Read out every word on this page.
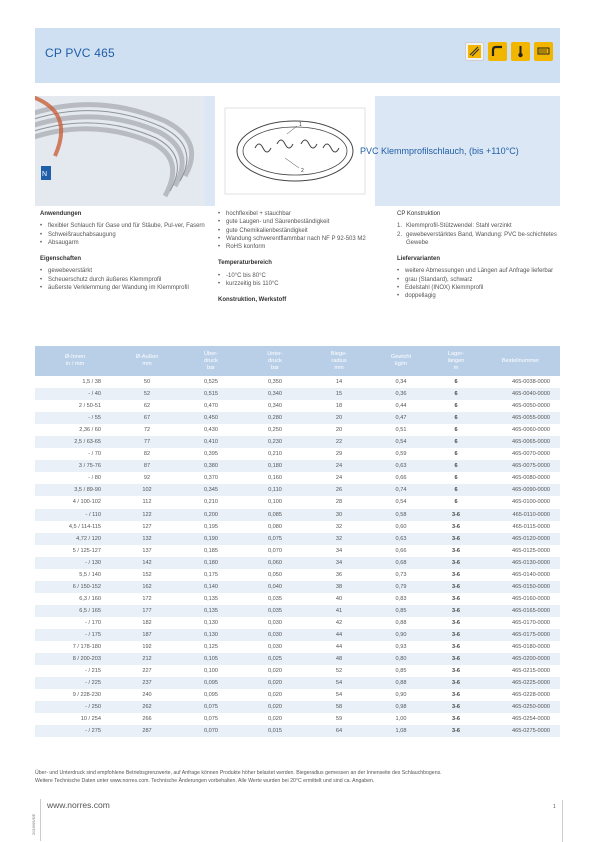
CP PVC 465
N
1
2
PVC Klemmprofilschlauch, (bis +110°C)
Anwendungen
• flexibler Schlauch für Gase und für Stäube, Pul-ver, Fasern
• Schweißrauchabsaugung
• Absaugarm
Eigenschaften
• gewebeverstärkt
• Scheuerschutz durch äußeres Klemmprofil
• äußerste Verklemmung der Wandung im Klemmprofil
• hochflexibel + stauchbar
• gute Laugen- und Säurenbeständigkeit
• gute Chemikalienbeständigkeit
• Wandung schwerentflammbar nach NF P 92-503 M2
• RoHS konform
Temperaturbereich
• -10°C bis 80°C
• kurzzeitig bis 110°C
Konstruktion, Werkstoff
CP Konstruktion
1. Klemmprofil-Stützwendel: Stahl verzinkt
2. gewebeverstärktes Band, Wandung: PVC be-schichtetes Gewebe
Liefervarianten
• weitere Abmessungen und Längen auf Anfrage lieferbar
• grau (Standard), schwarz
• Edelstahl (INOX) Klemmprofil
• doppellagig
Ø-Innen
in / mm	Ø-Außen
mm	Über-
druck
bar	Unter-
druck
bar	Biege-
radius
mm	Gewicht
kg/m	Lager-
längen
m	Bestellnummer
1,5 / 38	50	0,525	0,350	14	0,34	6	465-0038-0000
- / 40	52	0,515	0,340	15	0,36	6	465-0040-0000
2 / 50-51	62	0,470	0,340	18	0,44	6	465-0050-0000
- / 55	67	0,450	0,280	20	0,47	6	465-0055-0000
2,36 / 60	72	0,430	0,250	20	0,51	6	465-0060-0000
2,5 / 63-65	77	0,410	0,230	22	0,54	6	465-0065-0000
- / 70	82	0,395	0,210	29	0,59	6	465-0070-0000
3 / 75-76	87	0,380	0,180	24	0,63	6	465-0075-0000
- / 80	92	0,370	0,160	24	0,66	6	465-0080-0000
3,5 / 89-90	102	0,345	0,110	26	0,74	6	465-0090-0000
4 / 100-102	112	0,210	0,100	28	0,54	6	465-0100-0000
- / 110	122	0,200	0,085	30	0,58	3-6	465-0110-0000
4,5 / 114-115	127	0,195	0,080	32	0,60	3-6	465-0115-0000
4,72 / 120	132	0,190	0,075	32	0,63	3-6	465-0120-0000
5 / 125-127	137	0,185	0,070	34	0,66	3-6	465-0125-0000
- / 130	142	0,180	0,060	34	0,68	3-6	465-0130-0000
5,5 / 140	152	0,175	0,050	36	0,73	3-6	465-0140-0000
6 / 150-152	162	0,140	0,040	38	0,79	3-6	465-0150-0000
6,3 / 160	172	0,135	0,035	40	0,83	3-6	465-0160-0000
6,5 / 165	177	0,135	0,035	41	0,85	3-6	465-0165-0000
- / 170	182	0,130	0,030	42	0,88	3-6	465-0170-0000
- / 175	187	0,130	0,030	44	0,90	3-6	465-0175-0000
7 / 178-180	192	0,125	0,030	44	0,93	3-6	465-0180-0000
8 / 200-203	212	0,105	0,025	48	0,80	3-6	465-0200-0000
- / 215	227	0,100	0,020	52	0,85	3-6	465-0215-0000
- / 225	237	0,095	0,020	54	0,88	3-6	465-0225-0000
9 / 228-230	240	0,095	0,020	54	0,90	3-6	465-0228-0000
- / 250	262	0,075	0,020	58	0,98	3-6	465-0250-0000
10 / 254	266	0,075	0,020	59	1,00	3-6	465-0254-0000
- / 275	287	0,070	0,015	64	1,08	3-6	465-0275-0000
Über- und Unterdruck sind empfohlene Betriebsgrenzwerte, auf Anfrage können Produkte höher belastet werden. Biegeradius gemessen an der Innenseite des Schlauchbogens.
Weitere Technische Daten unter www.norres.com. Technische Änderungen vorbehalten. Alle Werte wurden bei 20°C ermittelt und sind ca. Angaben.
2016/09/DE
www.norres.com	1
